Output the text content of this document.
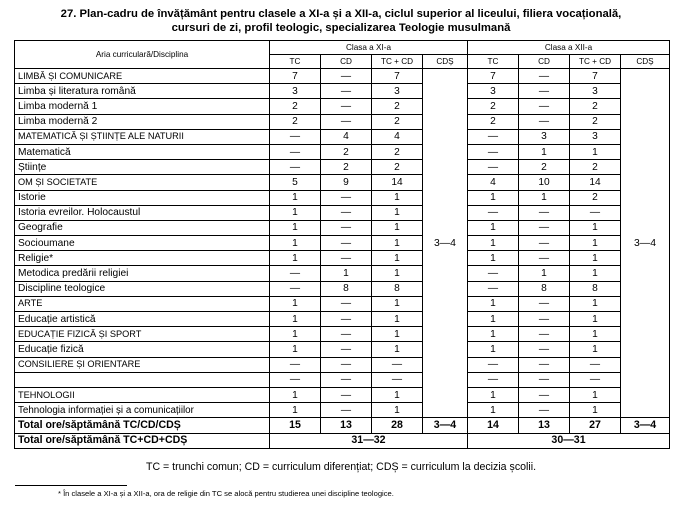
27. Plan-cadru de învățământ pentru clasele a XI-a și a XII-a, ciclul superior al liceului, filiera vocațională,
cursuri de zi, profil teologic, specializarea Teologie musulmană
Aria curriculară/Disciplina	Clasa a XI-a				Clasa a XII-a			
	TC	CD	TC + CD	CDȘ	TC	CD	TC + CD	CDȘ
LIMBĂ ȘI COMUNICARE	7	—	7	3—4	7	—	7	3—4
Limba și literatura română	3	—	3		3	—	3	
Limba modernă 1	2	—	2		2	—	2	
Limba modernă 2	2	—	2		2	—	2	
MATEMATICĂ ȘI ȘTIINȚE ALE NATURII	—	4	4		—	3	3	
Matematică	—	2	2		—	1	1	
Științe	—	2	2		—	2	2	
OM ȘI SOCIETATE	5	9	14		4	10	14	
Istorie	1	—	1		1	1	2	
Istoria evreilor. Holocaustul	1	—	1		—	—	—	
Geografie	1	—	1		1	—	1	
Socioumane	1	—	1		1	—	1	
Religie*	1	—	1		1	—	1	
Metodica predării religiei	—	1	1		—	1	1	
Discipline teologice	—	8	8		—	8	8	
ARTE	1	—	1		1	—	1	
Educație artistică	1	—	1		1	—	1	
EDUCAȚIE FIZICĂ ȘI SPORT	1	—	1		1	—	1	
Educație fizică	1	—	1		1	—	1	
CONSILIERE ȘI ORIENTARE	—	—	—		—	—	—	
	—	—	—		—	—	—	
TEHNOLOGII	1	—	1		1	—	1	
Tehnologia informației și a comunicațiilor	1	—	1		1	—	1	
Total ore/săptămână TC/CD/CDȘ	15	13	28	3—4	14	13	27	3—4
Total ore/săptămână TC+CD+CDȘ	31—32				30—31			
TC = trunchi comun; CD = curriculum diferențiat; CDȘ = curriculum la decizia școlii.
* În clasele a XI-a și a XII-a, ora de religie din TC se alocă pentru studierea unei discipline teologice.
